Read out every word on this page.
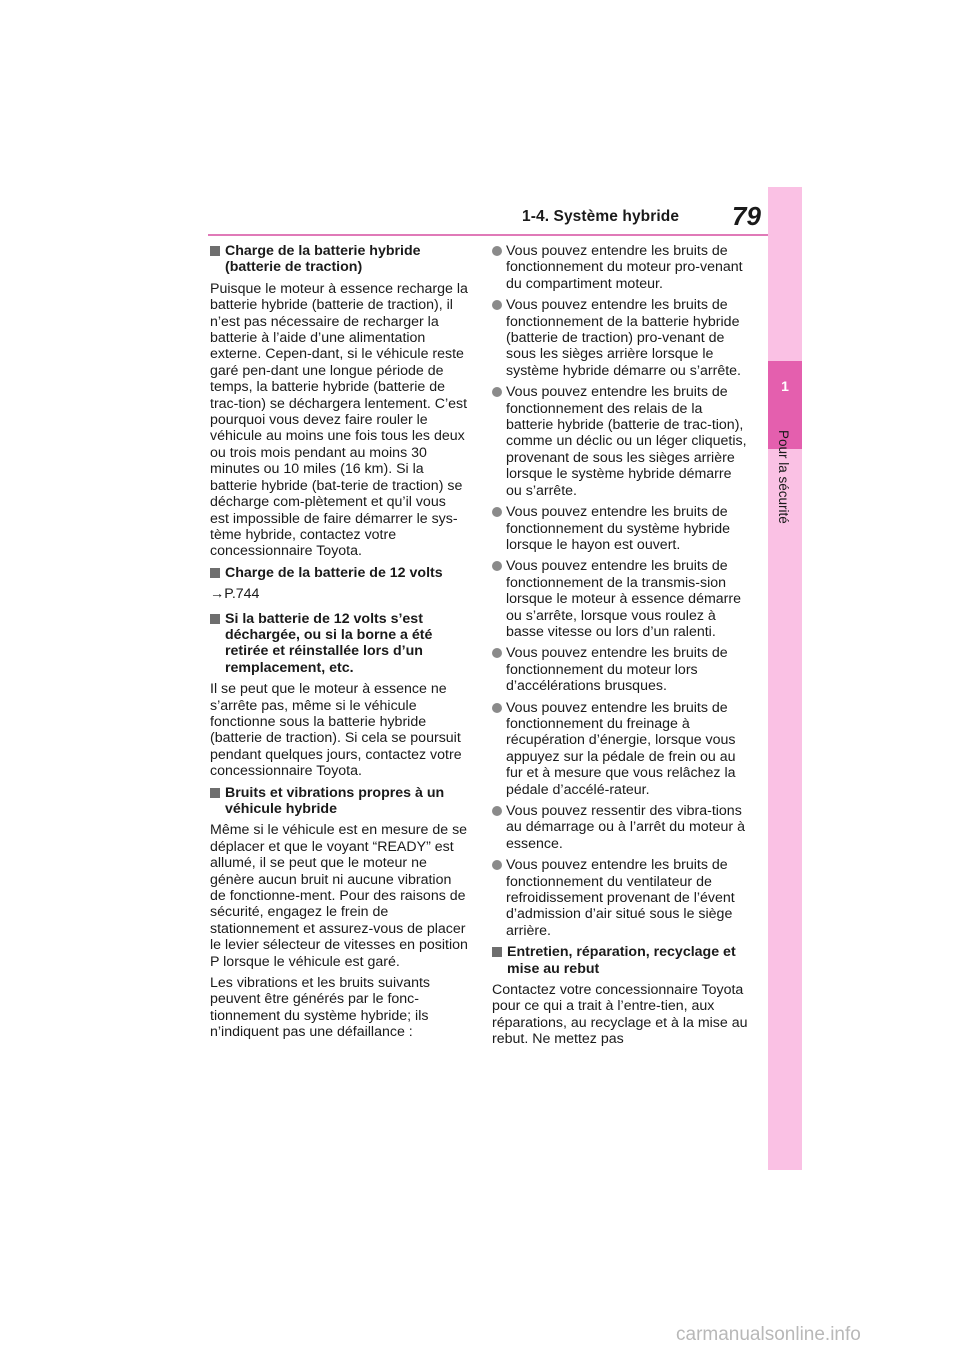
1-4. Système hybride 79
1
Pour la sécurité
Charge de la batterie hybride (batterie de traction)

Puisque le moteur à essence recharge la batterie hybride (batterie de traction), il n’est pas nécessaire de recharger la batterie à l’aide d’une alimentation externe. Cepen-dant, si le véhicule reste garé pen-dant une longue période de temps, la batterie hybride (batterie de trac-tion) se déchargera lentement. C’est pourquoi vous devez faire rouler le véhicule au moins une fois tous les deux ou trois mois pendant au moins 30 minutes ou 10 miles (16 km). Si la batterie hybride (bat-terie de traction) se décharge com-plètement et qu’il vous est impossible de faire démarrer le sys-tème hybride, contactez votre concessionnaire Toyota.

Charge de la batterie de 12 volts

→P.744

Si la batterie de 12 volts s’est déchargée, ou si la borne a été retirée et réinstallée lors d’un remplacement, etc.

Il se peut que le moteur à essence ne s’arrête pas, même si le véhicule fonctionne sous la batterie hybride (batterie de traction). Si cela se poursuit pendant quelques jours, contactez votre concessionnaire Toyota.

Bruits et vibrations propres à un véhicule hybride

Même si le véhicule est en mesure de se déplacer et que le voyant “READY” est allumé, il se peut que le moteur ne génère aucun bruit ni aucune vibration de fonctionne-ment. Pour des raisons de sécurité, engagez le frein de stationnement et assurez-vous de placer le levier sélecteur de vitesses en position P lorsque le véhicule est garé.

Les vibrations et les bruits suivants peuvent être générés par le fonc-tionnement du système hybride; ils n’indiquent pas une défaillance :

Vous pouvez entendre les bruits de fonctionnement du moteur pro-venant du compartiment moteur.
Vous pouvez entendre les bruits de fonctionnement de la batterie hybride (batterie de traction) pro-venant de sous les sièges arrière lorsque le système hybride démarre ou s’arrête.
Vous pouvez entendre les bruits de fonctionnement des relais de la batterie hybride (batterie de trac-tion), comme un déclic ou un léger cliquetis, provenant de sous les sièges arrière lorsque le système hybride démarre ou s’arrête.
Vous pouvez entendre les bruits de fonctionnement du système hybride lorsque le hayon est ouvert.
Vous pouvez entendre les bruits de fonctionnement de la transmis-sion lorsque le moteur à essence démarre ou s’arrête, lorsque vous roulez à basse vitesse ou lors d’un ralenti.
Vous pouvez entendre les bruits de fonctionnement du moteur lors d’accélérations brusques.
Vous pouvez entendre les bruits de fonctionnement du freinage à récupération d’énergie, lorsque vous appuyez sur la pédale de frein ou au fur et à mesure que vous relâchez la pédale d’accélé-rateur.
Vous pouvez ressentir des vibra-tions au démarrage ou à l’arrêt du moteur à essence.
Vous pouvez entendre les bruits de fonctionnement du ventilateur de refroidissement provenant de l’évent d’admission d’air situé sous le siège arrière.
Entretien, réparation, recyclage et mise au rebut

Contactez votre concessionnaire Toyota pour ce qui a trait à l’entre-tien, aux réparations, au recyclage et à la mise au rebut. Ne mettez pas

carmanualsonline.info
